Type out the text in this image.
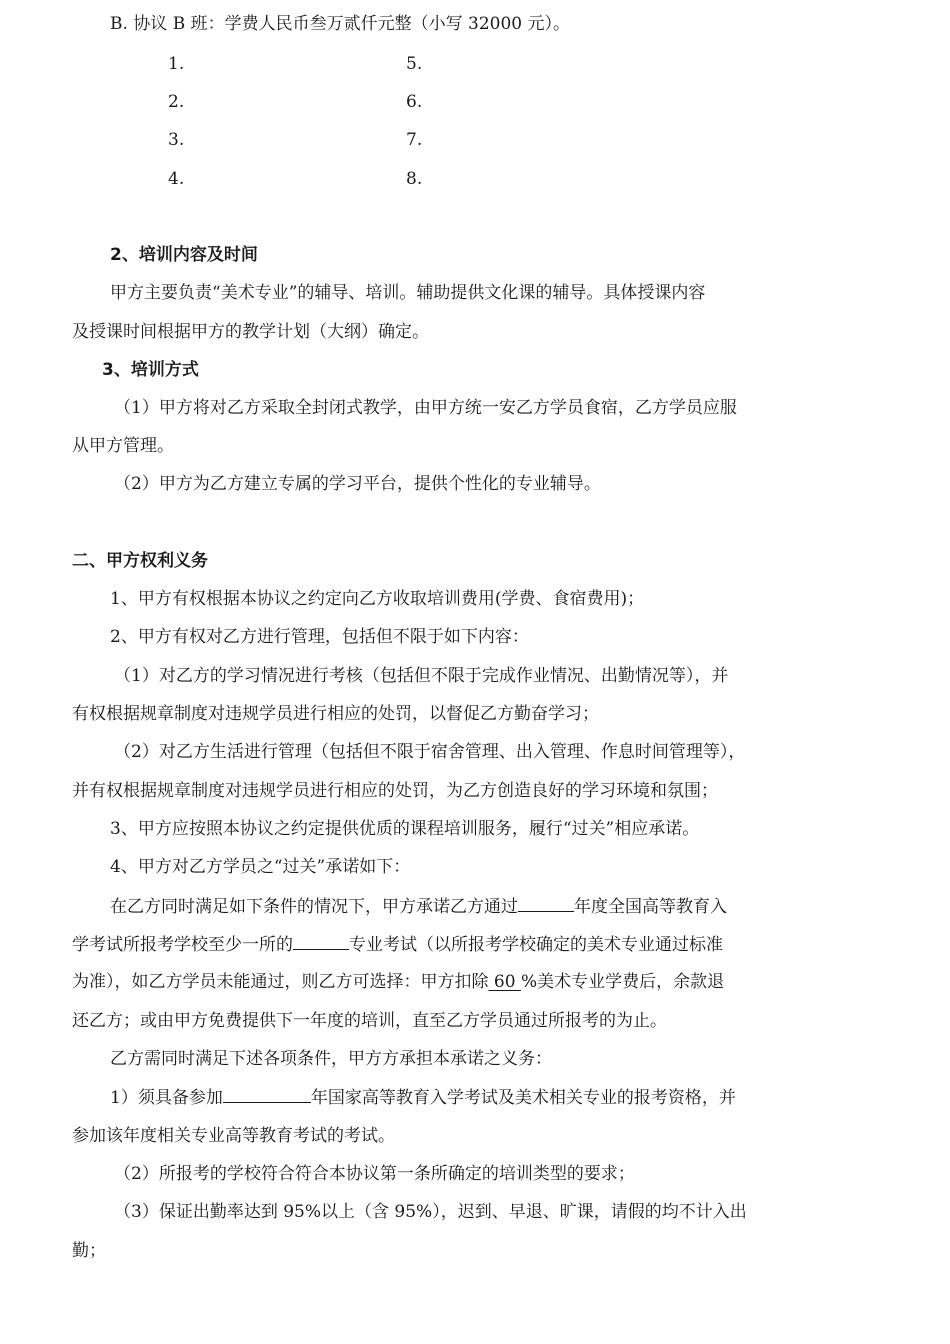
B. 协议 B 班：学费人民币叁万贰仟元整（小写 32000 元）。
1.
2.
3.
4.
5.
6.
7.
8.
2、培训内容及时间
甲方主要负责“美术专业”的辅导、培训。辅助提供文化课的辅导。具体授课内容
及授课时间根据甲方的教学计划（大纲）确定。
3、培训方式
（1）甲方将对乙方采取全封闭式教学，由甲方统一安乙方学员食宿，乙方学员应服
从甲方管理。
（2）甲方为乙方建立专属的学习平台，提供个性化的专业辅导。
二、甲方权利义务
1、甲方有权根据本协议之约定向乙方收取培训费用(学费、食宿费用)；
2、甲方有权对乙方进行管理，包括但不限于如下内容：
（1）对乙方的学习情况进行考核（包括但不限于完成作业情况、出勤情况等），并
有权根据规章制度对违规学员进行相应的处罚，以督促乙方勤奋学习；
（2）对乙方生活进行管理（包括但不限于宿舍管理、出入管理、作息时间管理等），
并有权根据规章制度对违规学员进行相应的处罚，为乙方创造良好的学习环境和氛围；
3、甲方应按照本协议之约定提供优质的课程培训服务，履行“过关”相应承诺。
4、甲方对乙方学员之“过关”承诺如下：
在乙方同时满足如下条件的情况下，甲方承诺乙方通过	年度全国高等教育入
学考试所报考学校至少一所的	专业考试（以所报考学校确定的美术专业通过标准
为准），如乙方学员未能通过，则乙方可选择：甲方扣除 60 %美术专业学费后，余款退
还乙方；或由甲方免费提供下一年度的培训，直至乙方学员通过所报考的为止。
乙方需同时满足下述各项条件，甲方方承担本承诺之义务：
1）须具备参加	年国家高等教育入学考试及美术相关专业的报考资格，并
参加该年度相关专业高等教育考试的考试。
（2）所报考的学校符合符合本协议第一条所确定的培训类型的要求；
（3）保证出勤率达到 95%以上（含 95%），迟到、早退、旷课，请假的均不计入出
勤；
